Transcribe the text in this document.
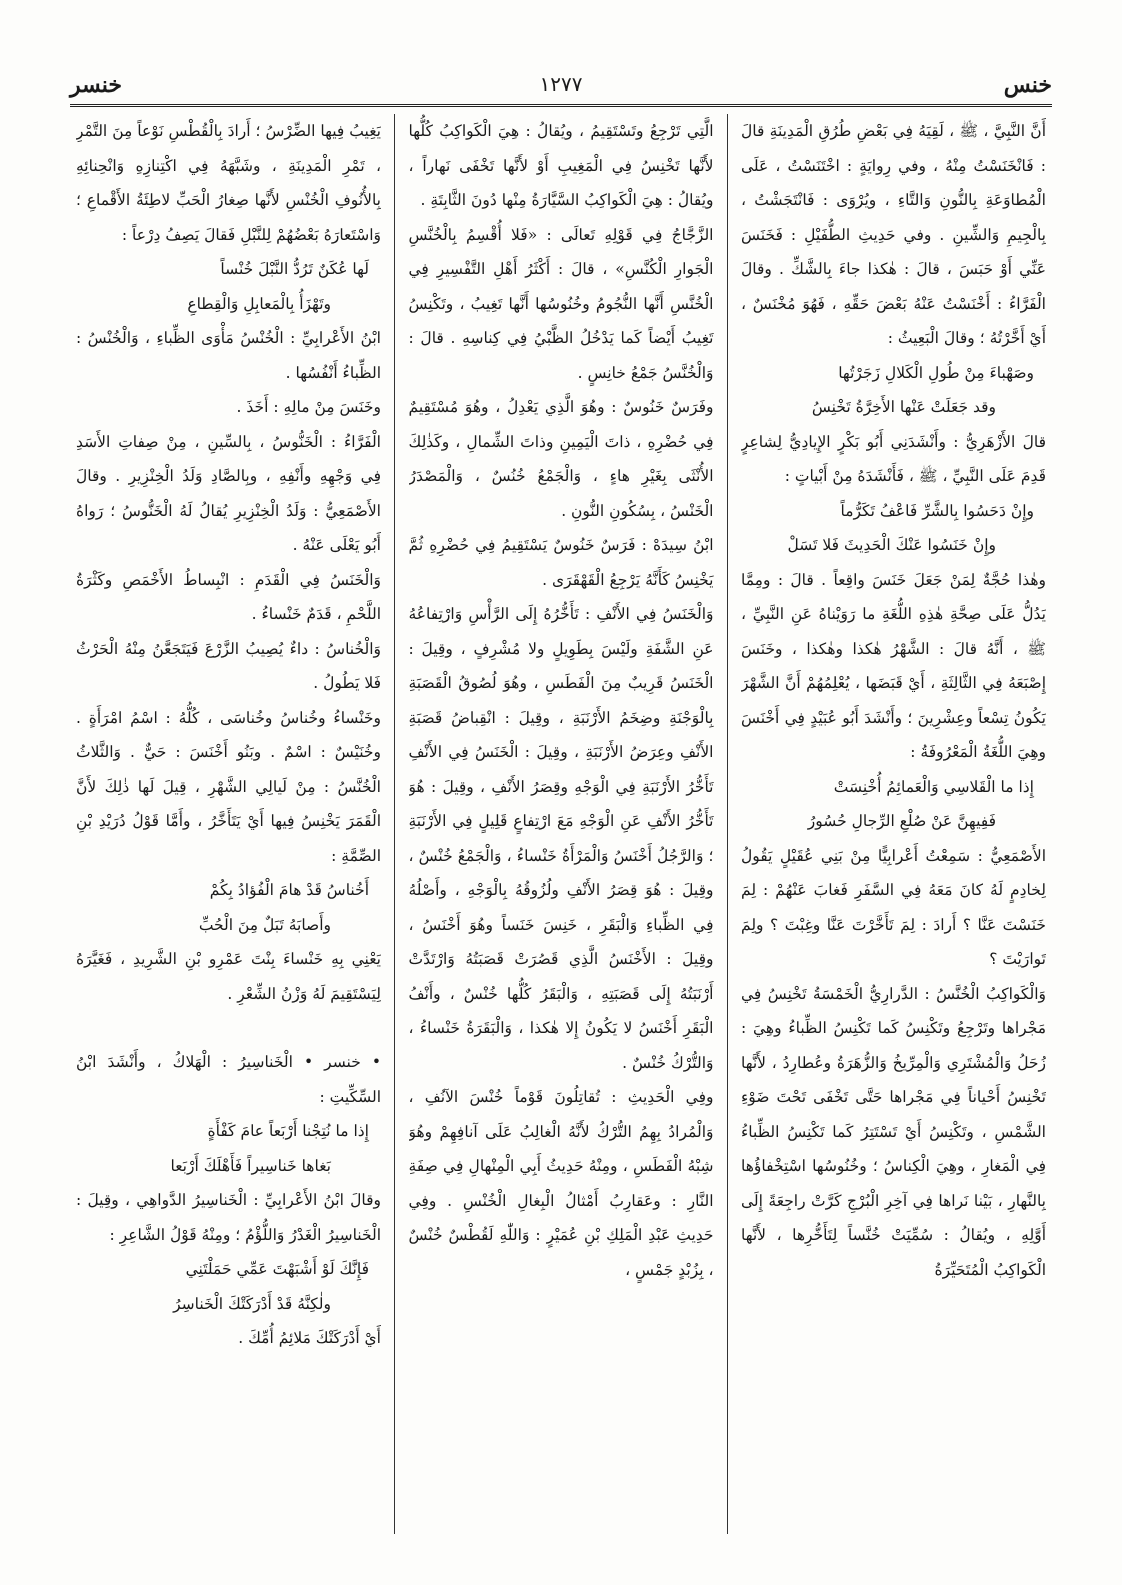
خنس
١٢٧٧
خنسر

أَنَّ النَّبِيَّ ، ﷺ ، لَقِيَهُ فِي بَعْضِ طُرُقِ الْمَدِينَةِ قالَ : فَانْخَنَسْتُ مِنْهُ ، وفي رِوايَةٍ : اخْتَنَسْتُ ، عَلَى الْمُطاوَعَةِ بِالنُّونِ وَالتَّاءِ ، ويُرْوَى : فَانْتَجَشْتُ ، بِالْجِيمِ وَالشِّينِ . وفي حَدِيثِ الطُّفَيْلِ : فَخَنَسَ عَنِّي أَوْ حَبَسَ ، قالَ : هٰكذا جاءَ بِالشَّكِّ . وقالَ الْفَرَّاءُ : أَخْنَسْتُ عَنْهُ بَعْضَ حَقِّهِ ، فَهُوَ مُخْنَسٌ ، أَيْ أَخَّرْتُهُ ؛ وقالَ الْبَعِيثُ :

وصَهْباءَ مِنْ طُولِ الْكَلالِ زَجَرْتُها

وقد جَعَلَتْ عَنْها الأَخِرَّةُ تَخْنِسُ

قالَ الأَزْهَرِيُّ : وأَنْشَدَنِي أَبُو بَكْرٍ الإِيادِيُّ لِشاعِرٍ قَدِمَ عَلَى النَّبِيِّ ، ﷺ ، فَأَنْشَدَهُ مِنْ أَبْياتٍ :

وإِنْ دَحَسُوا بِالشَّرِّ فَاعْفُ تَكَرُّماً

وإِنْ خَنَسُوا عَنْكَ الْحَدِيثَ فَلا تَسَلْ

وهٰذا حُجَّةٌ لِمَنْ جَعَلَ خَنَسَ واقِعاً . قالَ : ومِمَّا يَدُلُّ عَلَى صِحَّةِ هٰذِهِ اللُّغَةِ ما رَوَيْناهُ عَنِ النَّبِيِّ ، ﷺ ، أَنَّهُ قالَ : الشَّهْرُ هٰكذا وهٰكذا ، وخَنَسَ إِصْبَعَهُ فِي الثَّالِثَةِ ، أَيْ قَبَضَها ، يُعْلِمُهُمْ أَنَّ الشَّهْرَ يَكُونُ تِسْعاً وعِشْرِينَ ؛ وأَنْشَدَ أَبُو عُبَيْدٍ فِي أَخْنَسَ وهِيَ اللُّغَةُ الْمَعْرُوفَةُ :

إِذا ما الْقَلاسِي وَالْعَمائِمُ أُخْنِسَتْ

فَفِيهِنَّ عَنْ صُلْعِ الرِّجالِ حُسُورُ

الأَصْمَعِيُّ : سَمِعْتُ أَعْرابِيًّا مِنْ بَنِي عُقَيْلٍ يَقُولُ لِخادِمٍ لَهُ كانَ مَعَهُ فِي السَّفَرِ فَغابَ عَنْهُمْ : لِمَ خَنَسْتَ عَنَّا ؟ أَرادَ : لِمَ تَأَخَّرْتَ عَنَّا وغِبْتَ ؟ ولِمَ تَوارَيْتَ ؟

وَالْكَواكِبُ الْخُنَّسُ : الدَّرارِيُّ الْخَمْسَةُ تَخْنِسُ فِي مَجْراها وتَرْجِعُ وتَكْنِسُ كَما تَكْنِسُ الظِّباءُ وهِيَ : زُحَلُ وَالْمُشْتَرِي وَالْمِرِّيخُ وَالزُّهَرَةُ وعُطارِدُ ، لأَنَّها تَخْنِسُ أَحْياناً فِي مَجْراها حَتَّى تَخْفَى تَحْتَ ضَوْءِ الشَّمْسِ ، وتَكْنِسُ أَيْ تَسْتَتِرُ كَما تَكْنِسُ الظِّباءُ فِي الْمَغارِ ، وهِيَ الْكِناسُ ؛ وخُنُوسُها اسْتِخْفاؤُها بِالنَّهارِ ، بَيْنا نَراها فِي آخِرِ الْبُرْجِ كَرَّتْ راجِعَةً إِلَى أَوَّلِهِ ، ويُقالُ : سُمِّيَتْ خُنَّساً لِتَأَخُّرِها ، لأَنَّها الْكَواكِبُ الْمُتَحَيِّرَةُ

الَّتِي تَرْجِعُ وتَسْتَقِيمُ ، ويُقالُ : هِيَ الْكَواكِبُ كُلُّها لأَنَّها تَخْنِسُ فِي الْمَغِيبِ أَوْ لأَنَّها تَخْفَى نَهاراً ، ويُقالُ : هِيَ الْكَواكِبُ السَّيَّارَةُ مِنْها دُونَ الثَّابِتَةِ .

الزَّجَّاجُ فِي قَوْلِهِ تَعالَى : «فَلا أُقْسِمُ بِالْخُنَّسِ الْجَوارِ الْكُنَّسِ» ، قالَ : أَكْثَرُ أَهْلِ التَّفْسِيرِ فِي الْخُنَّسِ أَنَّها النُّجُومُ وخُنُوسُها أَنَّها تَغِيبُ ، وتَكْنِسُ تَغِيبُ أَيْضاً كَما يَدْخُلُ الظَّبْيُ فِي كِناسِهِ . قالَ : وَالْخُنَّسُ جَمْعُ خانِسٍ .

وفَرَسٌ خَنُوسٌ : وهُوَ الَّذِي يَعْدِلُ ، وهُوَ مُسْتَقِيمٌ فِي حُضْرِهِ ، ذاتَ الْيَمِينِ وذاتَ الشِّمالِ ، وكَذٰلِكَ الأُنْثَى بِغَيْرِ هاءٍ ، وَالْجَمْعُ خُنُسٌ ، وَالْمَصْدَرُ الْخَنْسُ ، بِسُكُونِ النُّونِ .

ابْنُ سِيدَهْ : فَرَسٌ خَنُوسٌ يَسْتَقِيمُ فِي حُضْرِهِ ثُمَّ يَخْنِسُ كَأَنَّهُ يَرْجِعُ الْقَهْقَرَى .

وَالْخَنَسُ فِي الأَنْفِ : تَأَخُّرُهُ إِلَى الرَّأْسِ وَارْتِفاعُهُ عَنِ الشَّفَةِ ولَيْسَ بِطَوِيلٍ ولا مُشْرِفٍ ، وقِيلَ : الْخَنَسُ قَرِيبٌ مِنَ الْفَطَسِ ، وهُوَ لُصُوقُ الْقَصَبَةِ بِالْوَجْنَةِ وضِخَمُ الأَرْنَبَةِ ، وقِيلَ : انْقِباضُ قَصَبَةِ الأَنْفِ وعِرَضُ الأَرْنَبَةِ ، وقِيلَ : الْخَنَسُ فِي الأَنْفِ تَأَخُّرُ الأَرْنَبَةِ فِي الْوَجْهِ وقِصَرُ الأَنْفِ ، وقِيلَ : هُوَ تَأَخُّرُ الأَنْفِ عَنِ الْوَجْهِ مَعَ ارْتِفاعٍ قَلِيلٍ فِي الأَرْنَبَةِ ؛ وَالرَّجُلُ أَخْنَسُ وَالْمَرْأَةُ خَنْساءُ ، وَالْجَمْعُ خُنْسٌ ، وقِيلَ : هُوَ قِصَرُ الأَنْفِ ولُزُوقُهُ بِالْوَجْهِ ، وأَصْلُهُ فِي الظِّباءِ وَالْبَقَرِ ، خَنِسَ خَنَساً وهُوَ أَخْنَسُ ، وقِيلَ : الأَخْنَسُ الَّذِي قَصُرَتْ قَصَبَتُهُ وَارْتَدَّتْ أَرْنَبَتُهُ إِلَى قَصَبَتِهِ ، وَالْبَقَرُ كُلُّها خُنْسٌ ، وأَنْفُ الْبَقَرِ أَخْنَسُ لا يَكُونُ إِلا هٰكذا ، وَالْبَقَرَةُ خَنْساءُ ، وَالتُّرْكُ خُنْسٌ .

وفِي الْحَدِيثِ : تُقاتِلُونَ قَوْماً خُنْسَ الآنُفِ ، وَالْمُرادُ بِهِمُ التُّرْكُ لأَنَّهُ الْغالِبُ عَلَى آنافِهِمْ وهُوَ شِبْهُ الْفَطَسِ ، ومِنْهُ حَدِيثُ أَبِي الْمِنْهالِ فِي صِفَةِ النَّارِ : وعَقارِبُ أَمْثالُ الْبِغالِ الْخُنْسِ . وفِي حَدِيثِ عَبْدِ الْمَلِكِ بْنِ عُمَيْرٍ : وَاللّٰهِ لَقُطْسٌ خُنْسٌ ، بِزُبْدٍ جَمْسٍ ،

يَغِيبُ فِيها الضِّرْسُ ؛ أَرادَ بِالْقُطْسِ نَوْعاً مِنَ التَّمْرِ ، تَمْرِ الْمَدِينَةِ ، وشَبَّهَهُ فِي اكْتِنازِهِ وَانْحِنائِهِ بِالأُنُوفِ الْخُنْسِ لأَنَّها صِغارُ الْحَبِّ لاطِئَةُ الأَقْماعِ ؛ وَاسْتَعارَهُ بَعْضُهُمْ لِلنَّبْلِ فَقالَ يَصِفُ دِرْعاً :

لَها عُكَنٌ تَرُدُّ النَّبْلَ خُنْساً

وتَهْزَأُ بِالْمَعابِلِ وَالْقِطاعِ

ابْنُ الأَعْرابِيِّ : الْخُنْسُ مَأْوَى الظِّباءِ ، وَالْخُنْسُ : الظِّباءُ أَنْفُسُها .

وخَنَسَ مِنْ مالِهِ : أَخَذَ .

الْفَرَّاءُ : الْخَنُّوسُ ، بِالسِّينِ ، مِنْ صِفاتِ الأَسَدِ فِي وَجْهِهِ وأَنْفِهِ ، وبِالصَّادِ وَلَدُ الْخِنْزِيرِ . وقالَ الأَصْمَعِيُّ : وَلَدُ الْخِنْزِيرِ يُقالُ لَهُ الْخَنُّوسُ ؛ رَواهُ أَبُو يَعْلَى عَنْهُ .

وَالْخَنَسُ فِي الْقَدَمِ : انْبِساطُ الأَخْمَصِ وكَثْرَةُ اللَّحْمِ ، قَدَمٌ خَنْساءُ .

وَالْخُناسُ : داءٌ يُصِيبُ الزَّرْعَ فَيَتَجَعَّنُ مِنْهُ الْحَرْثُ فَلا يَطُولُ .

وخَنْساءُ وخُناسُ وخُناسَى ، كُلُّهُ : اسْمُ امْرَأَةٍ . وخُنَيْسٌ : اسْمٌ . وبَنُو أَخْنَسَ : حَيٌّ . وَالثَّلاثُ الْخُنَّسُ : مِنْ لَيالِي الشَّهْرِ ، قِيلَ لَها ذٰلِكَ لأَنَّ الْقَمَرَ يَخْنِسُ فِيها أَيْ يَتَأَخَّرُ ، وأَمَّا قَوْلُ دُرَيْدِ بْنِ الصِّمَّةِ :

أَخُناسُ قَدْ هامَ الْفُؤادُ بِكُمْ

وأَصابَهُ تَبَلٌ مِنَ الْحُبِّ

يَعْنِي بِهِ خَنْساءَ بِنْتَ عَمْرِو بْنِ الشَّرِيدِ ، فَغَيَّرَهُ لِيَسْتَقِيمَ لَهُ وَزْنُ الشِّعْرِ .

• خنسر • الْخَناسِيرُ : الْهَلاكُ ، وأَنْشَدَ ابْنُ السِّكِّيتِ :

إِذا ما نُتِجْنا أَرْبَعاً عامَ كَفْأَةٍ

بَغاها خَناسِيراً فَأَهْلَكَ أَرْبَعا

وقالَ ابْنُ الأَعْرابِيِّ : الْخَناسِيرُ الدَّواهِي ، وقِيلَ : الْخَناسِيرُ الْغَدْرُ وَاللُّؤْمُ ؛ ومِنْهُ قَوْلُ الشَّاعِرِ :

فَإِنَّكَ لَوْ أَشْبَهْتَ عَمِّي حَمَلْتَنِي

ولٰكِنَّهُ قَدْ أَدْرَكَتْكَ الْخَناسِرُ

أَيْ أَدْرَكَتْكَ مَلائِمُ أُمِّكَ .
